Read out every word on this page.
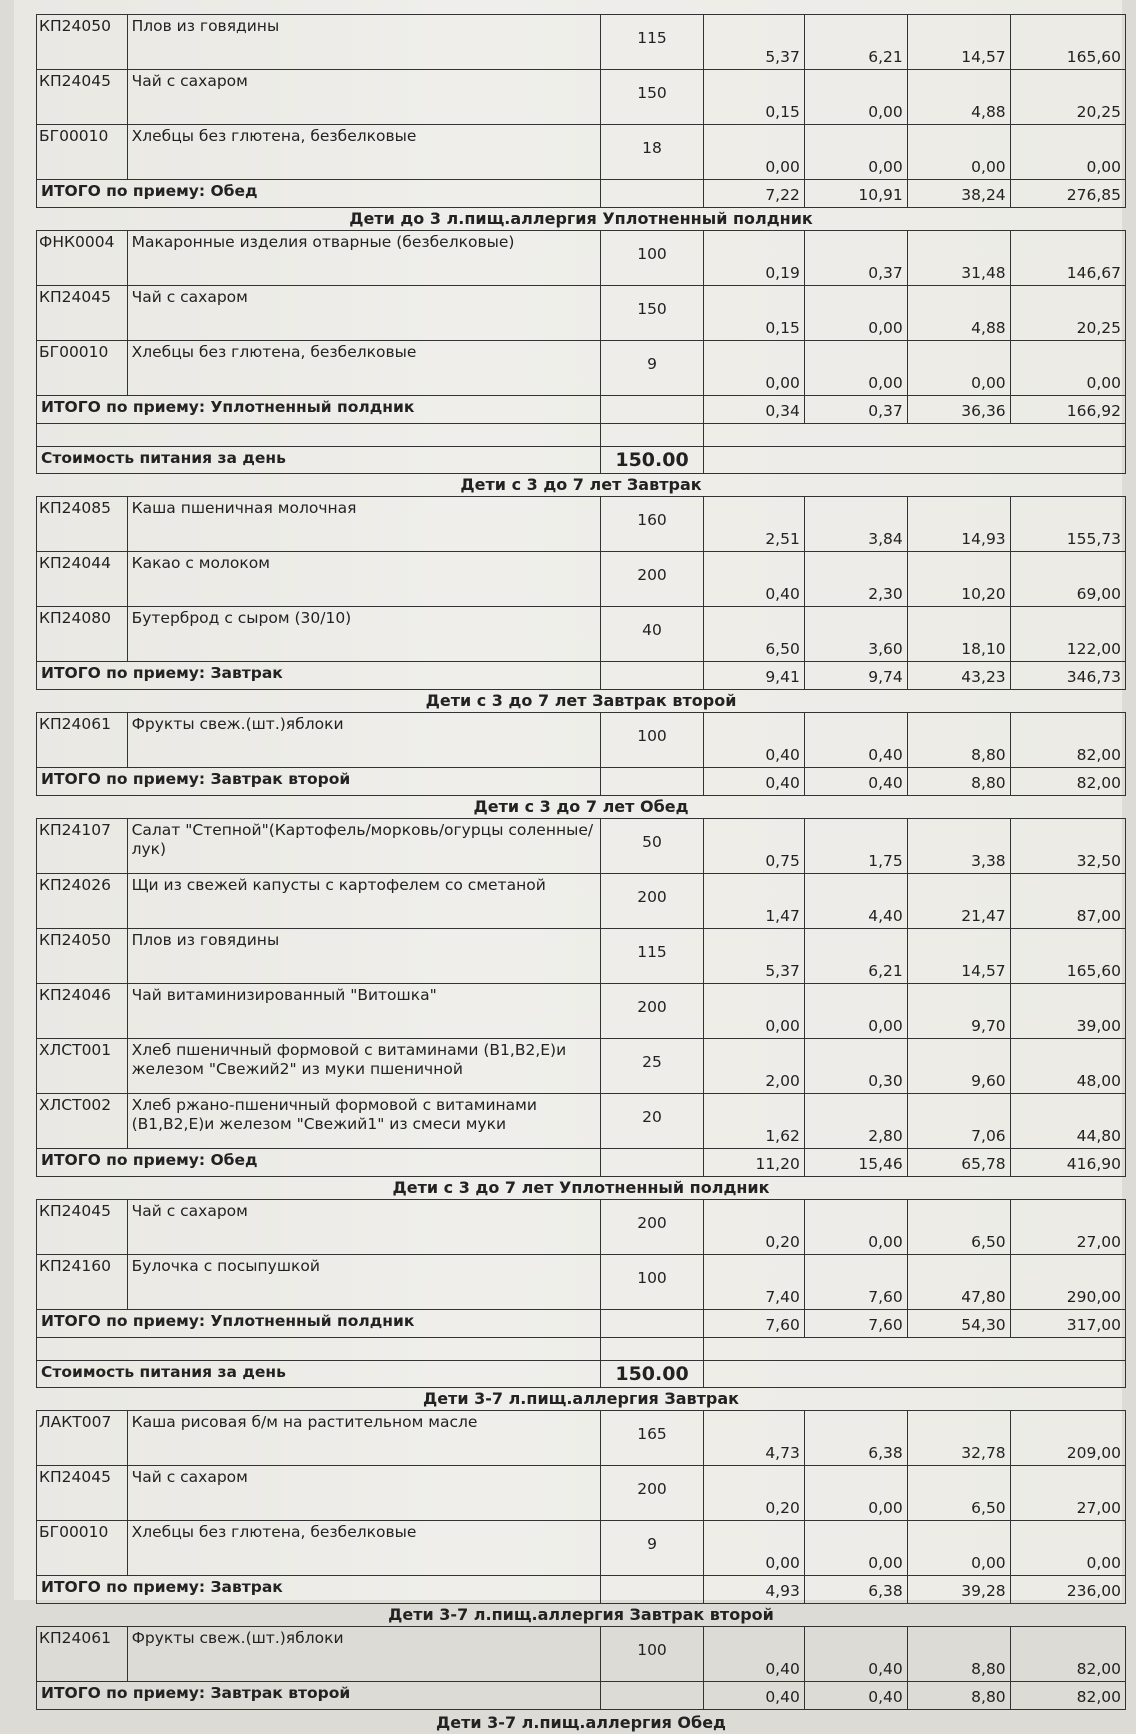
КП24050	Плов из говядины	115	5,37	6,21	14,57	165,60
КП24045	Чай с сахаром	150	0,15	0,00	4,88	20,25
БГ00010	Хлебцы без глютена, безбелковые	18	0,00	0,00	0,00	0,00
ИТОГО по приему: Обед			7,22	10,91	38,24	276,85
Дети до 3 л.пищ.аллергия Уплотненный полдник
ФНК0004	Макаронные изделия отварные (безбелковые)	100	0,19	0,37	31,48	146,67
КП24045	Чай с сахаром	150	0,15	0,00	4,88	20,25
БГ00010	Хлебцы без глютена, безбелковые	9	0,00	0,00	0,00	0,00
ИТОГО по приему: Уплотненный полдник			0,34	0,37	36,36	166,92

Стоимость питания за день		150.00				
Дети с 3 до 7 лет Завтрак
КП24085	Каша пшеничная молочная	160	2,51	3,84	14,93	155,73
КП24044	Какао с молоком	200	0,40	2,30	10,20	69,00
КП24080	Бутерброд с сыром (30/10)	40	6,50	3,60	18,10	122,00
ИТОГО по приему: Завтрак			9,41	9,74	43,23	346,73
Дети с 3 до 7 лет Завтрак второй
КП24061	Фрукты свеж.(шт.)яблоки	100	0,40	0,40	8,80	82,00
ИТОГО по приему: Завтрак второй			0,40	0,40	8,80	82,00
Дети с 3 до 7 лет Обед
КП24107	Салат "Степной"(Картофель/морковь/огурцы соленные/лук)	50	0,75	1,75	3,38	32,50
КП24026	Щи из свежей капусты с картофелем со сметаной	200	1,47	4,40	21,47	87,00
КП24050	Плов из говядины	115	5,37	6,21	14,57	165,60
КП24046	Чай витаминизированный "Витошка"	200	0,00	0,00	9,70	39,00
ХЛСТ001	Хлеб пшеничный формовой с витаминами (В1,В2,Е)и железом "Свежий2" из муки пшеничной	25	2,00	0,30	9,60	48,00
ХЛСТ002	Хлеб ржано-пшеничный формовой с витаминами (В1,В2,Е)и железом "Свежий1" из смеси муки	20	1,62	2,80	7,06	44,80
ИТОГО по приему: Обед			11,20	15,46	65,78	416,90
Дети с 3 до 7 лет Уплотненный полдник
КП24045	Чай с сахаром	200	0,20	0,00	6,50	27,00
КП24160	Булочка с посыпушкой	100	7,40	7,60	47,80	290,00
ИТОГО по приему: Уплотненный полдник			7,60	7,60	54,30	317,00

Стоимость питания за день		150.00				
Дети 3-7 л.пищ.аллергия Завтрак
ЛАКТ007	Каша рисовая б/м на растительном масле	165	4,73	6,38	32,78	209,00
КП24045	Чай с сахаром	200	0,20	0,00	6,50	27,00
БГ00010	Хлебцы без глютена, безбелковые	9	0,00	0,00	0,00	0,00
ИТОГО по приему: Завтрак			4,93	6,38	39,28	236,00
Дети 3-7 л.пищ.аллергия Завтрак второй
КП24061	Фрукты свеж.(шт.)яблоки	100	0,40	0,40	8,80	82,00
ИТОГО по приему: Завтрак второй			0,40	0,40	8,80	82,00
Дети 3-7 л.пищ.аллергия Обед
